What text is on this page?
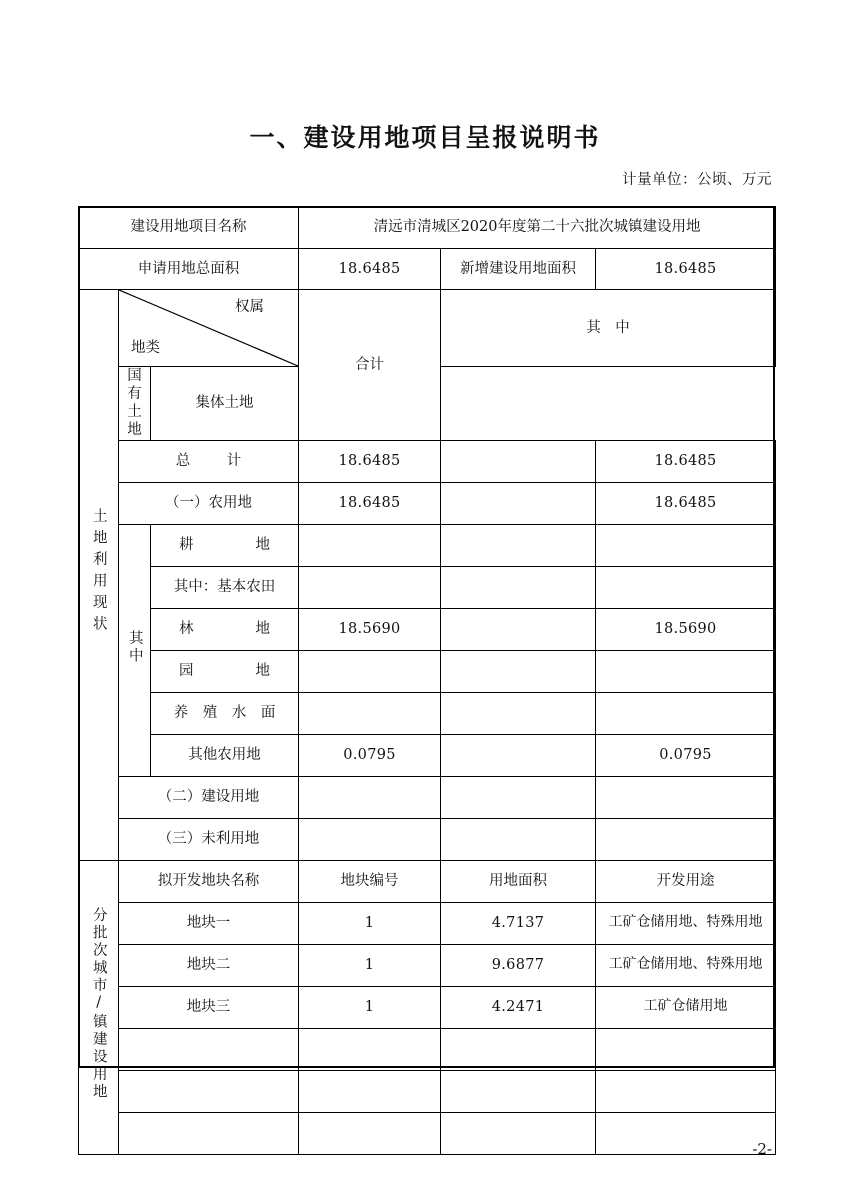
一、建设用地项目呈报说明书
计量单位：公顷、万元
建设用地项目名称			清远市清城区2020年度第二十六批次城镇建设用地		
申请用地总面积			18.6485	新增建设用地面积	18.6485
土地利用现状	权属
地类		合计	其　中	
	国有土地	集体土地			
	总　计		18.6485		18.6485
	（一）农用地		18.6485		18.6485
	其中	耕　　地			
		其中：基本农田			
		林　　地	18.5690		18.5690
		园　　地			
		养 殖 水 面			
		其他农用地	0.0795		0.0795
	（二）建设用地				
	（三）未利用地				
分批次城市/镇建设用地	拟开发地块名称		地块编号	用地面积	开发用途
	地块一		1	4.7137	工矿仓储用地、特殊用地
	地块二		1	9.6877	工矿仓储用地、特殊用地
	地块三		1	4.2471	工矿仓储用地

-2-
